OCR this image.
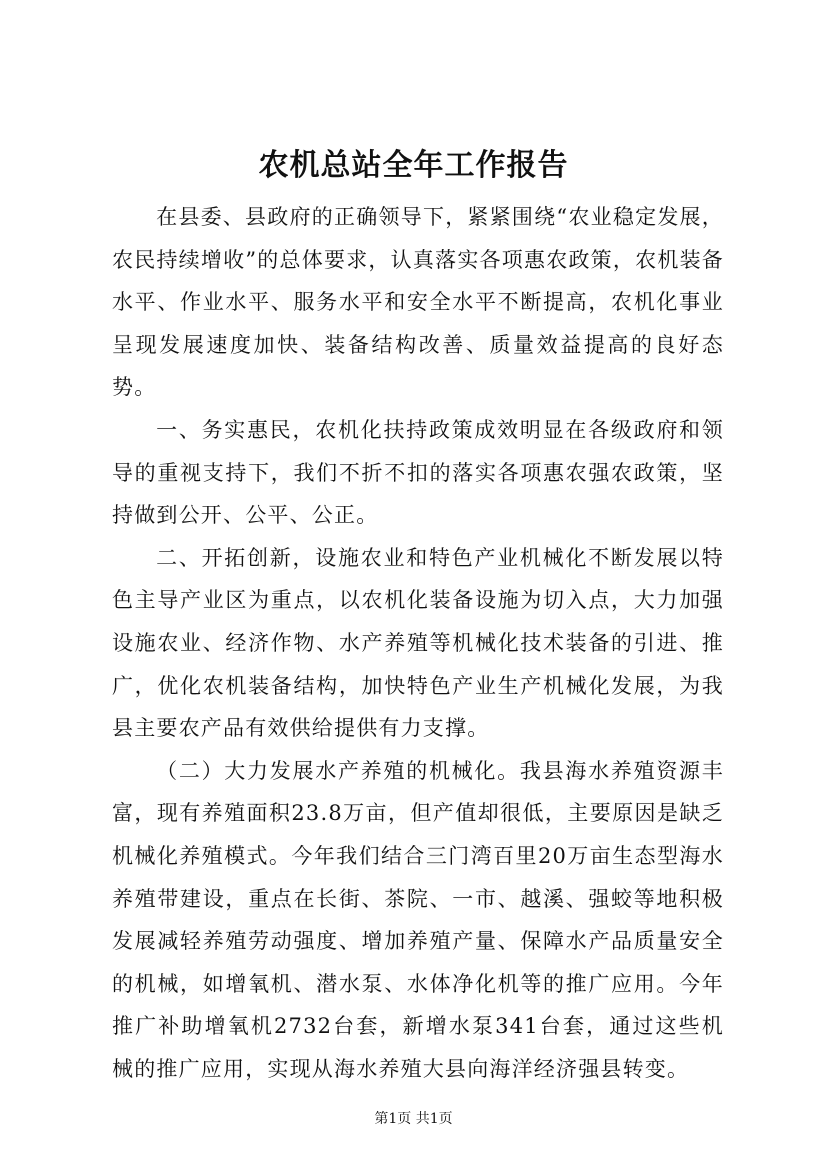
农机总站全年工作报告

在县委、县政府的正确领导下，紧紧围绕“农业稳定发展，农民持续增收”的总体要求，认真落实各项惠农政策，农机装备水平、作业水平、服务水平和安全水平不断提高，农机化事业呈现发展速度加快、装备结构改善、质量效益提高的良好态势。

一、务实惠民，农机化扶持政策成效明显在各级政府和领导的重视支持下，我们不折不扣的落实各项惠农强农政策，坚持做到公开、公平、公正。

二、开拓创新，设施农业和特色产业机械化不断发展以特色主导产业区为重点，以农机化装备设施为切入点，大力加强设施农业、经济作物、水产养殖等机械化技术装备的引进、推广，优化农机装备结构，加快特色产业生产机械化发展，为我县主要农产品有效供给提供有力支撑。

（二）大力发展水产养殖的机械化。我县海水养殖资源丰富，现有养殖面积23.8万亩，但产值却很低，主要原因是缺乏机械化养殖模式。今年我们结合三门湾百里20万亩生态型海水养殖带建设，重点在长街、茶院、一市、越溪、强蛟等地积极发展减轻养殖劳动强度、增加养殖产量、保障水产品质量安全的机械，如增氧机、潜水泵、水体净化机等的推广应用。今年推广补助增氧机2732台套，新增水泵341台套，通过这些机械的推广应用，实现从海水养殖大县向海洋经济强县转变。

第1页 共1页
